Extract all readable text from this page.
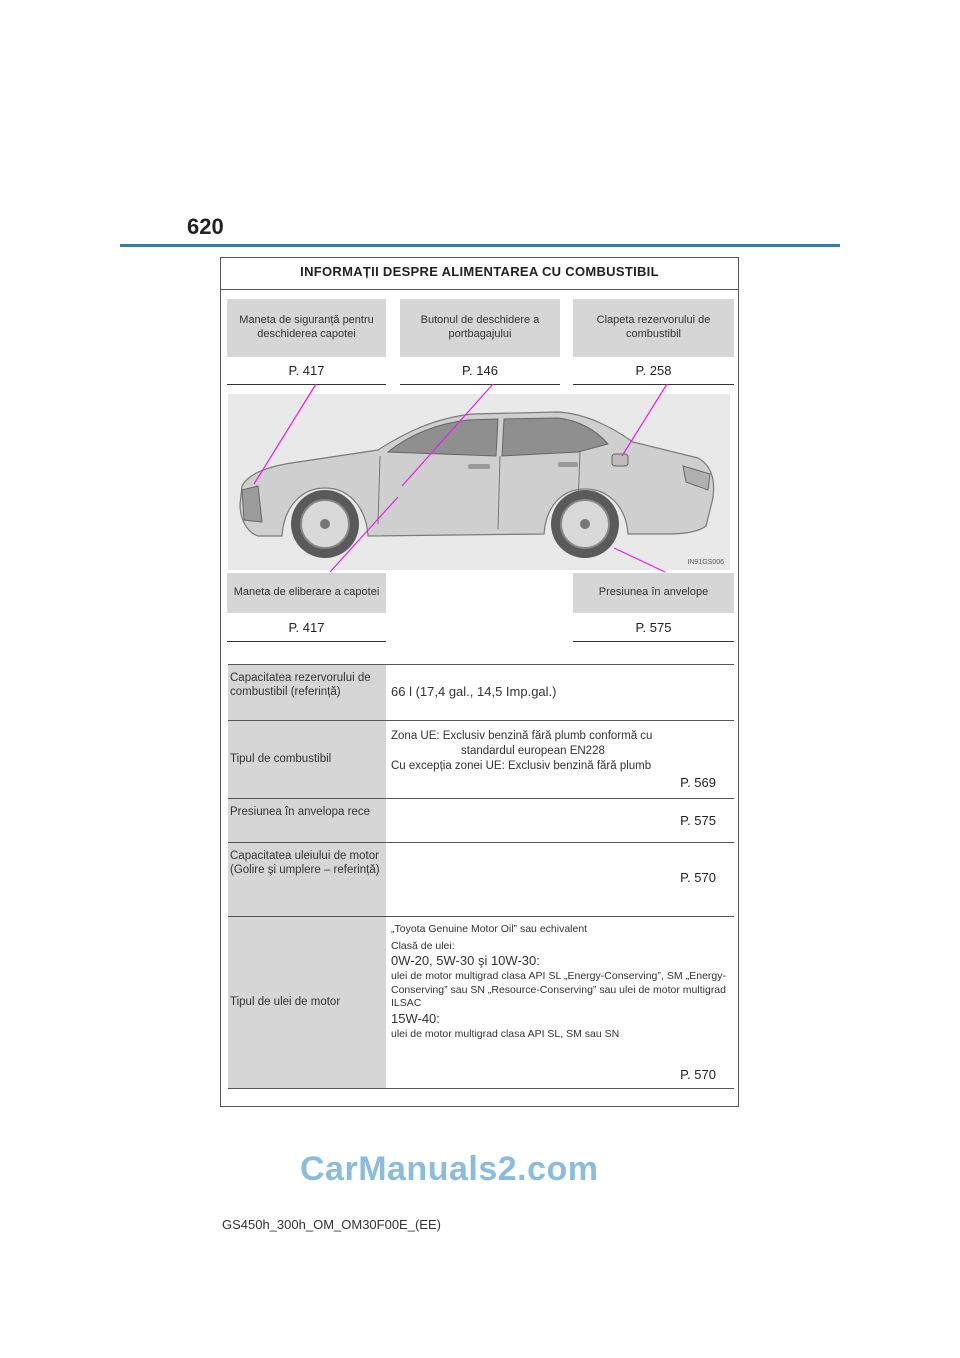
620
INFORMAȚII DESPRE ALIMENTAREA CU COMBUSTIBIL
Maneta de siguranță pentru deschiderea capotei
P. 417
Butonul de deschidere a portbagajului
P. 146
Clapeta rezervorului de combustibil
P. 258
IN91GS006
Maneta de eliberare a capotei
P. 417
Presiunea în anvelope
P. 575
Capacitatea rezervorului de combustibil (referință)	66 l (17,4 gal., 14,5 Imp.gal.)
Tipul de combustibil
Zona UE: Exclusiv benzină fără plumb conformă cu
standardul european EN228
Cu excepția zonei UE: Exclusiv benzină fără plumb
P. 569
Presiunea în anvelopa rece
P. 575
Capacitatea uleiului de motor (Golire şi umplere – referință)	P. 570
Tipul de ulei de motor
„Toyota Genuine Motor Oil” sau echivalent
Clasă de ulei:
0W-20, 5W-30 şi 10W-30:
ulei de motor multigrad clasa API SL „Energy-Conserving”, SM „Energy-Conserving” sau SN „Resource-Conserving” sau ulei de motor multigrad ILSAC
15W-40:
ulei de motor multigrad clasa API SL, SM sau SN
P. 570
CarManuals2.com
GS450h_300h_OM_OM30F00E_(EE)
